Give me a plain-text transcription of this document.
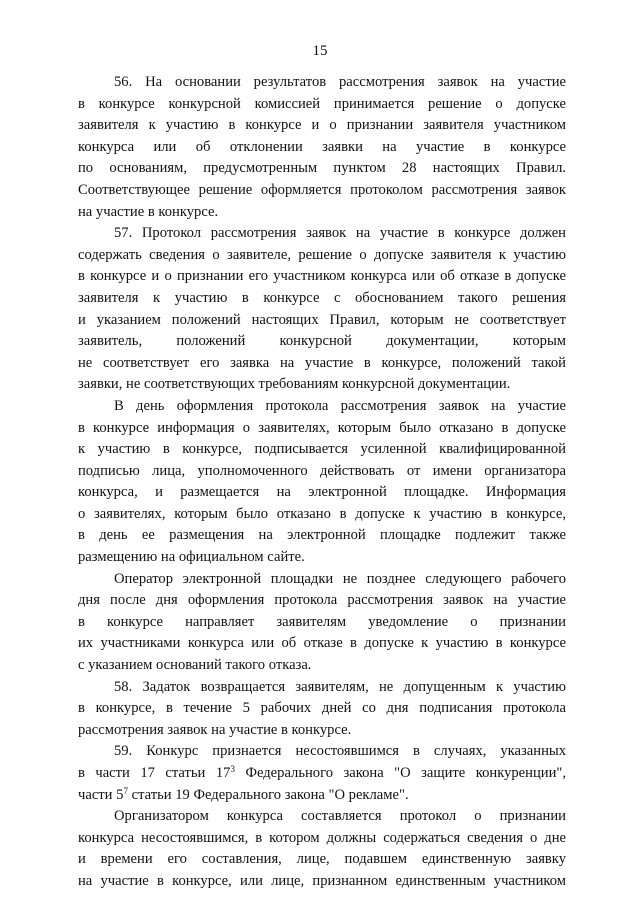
15
56. На основании результатов рассмотрения заявок на участие
в конкурсе конкурсной комиссией принимается решение о допуске
заявителя к участию в конкурсе и о признании заявителя участником
конкурса или об отклонении заявки на участие в конкурсе
по основаниям, предусмотренным пунктом 28 настоящих Правил.
Соответствующее решение оформляется протоколом рассмотрения заявок
на участие в конкурсе.
57. Протокол рассмотрения заявок на участие в конкурсе должен
содержать сведения о заявителе, решение о допуске заявителя к участию
в конкурсе и о признании его участником конкурса или об отказе в допуске
заявителя к участию в конкурсе с обоснованием такого решения
и указанием положений настоящих Правил, которым не соответствует
заявитель, положений конкурсной документации, которым
не соответствует его заявка на участие в конкурсе, положений такой
заявки, не соответствующих требованиям конкурсной документации.
В день оформления протокола рассмотрения заявок на участие
в конкурсе информация о заявителях, которым было отказано в допуске
к участию в конкурсе, подписывается усиленной квалифицированной
подписью лица, уполномоченного действовать от имени организатора
конкурса, и размещается на электронной площадке. Информация
о заявителях, которым было отказано в допуске к участию в конкурсе,
в день ее размещения на электронной площадке подлежит также
размещению на официальном сайте.
Оператор электронной площадки не позднее следующего рабочего
дня после дня оформления протокола рассмотрения заявок на участие
в конкурсе направляет заявителям уведомление о признании
их участниками конкурса или об отказе в допуске к участию в конкурсе
с указанием оснований такого отказа.
58. Задаток возвращается заявителям, не допущенным к участию
в конкурсе, в течение 5 рабочих дней со дня подписания протокола
рассмотрения заявок на участие в конкурсе.
59. Конкурс признается несостоявшимся в случаях, указанных
в части 17 статьи $17^3$ Федерального закона "О защите конкуренции",
части $5^7$ статьи 19 Федерального закона "О рекламе".
Организатором конкурса составляется протокол о признании
конкурса несостоявшимся, в котором должны содержаться сведения о дне
и времени его составления, лице, подавшем единственную заявку
на участие в конкурсе, или лице, признанном единственным участником
